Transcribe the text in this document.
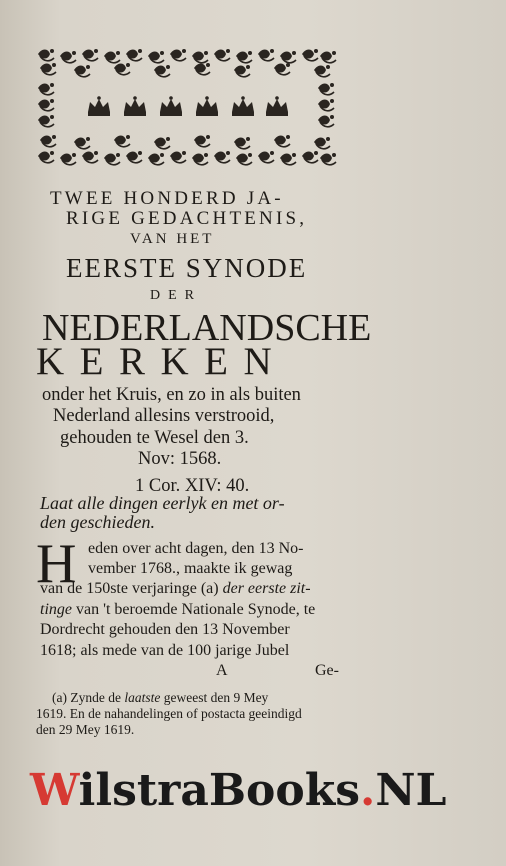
TWEE HONDERD JA-
RIGE GEDACHTENIS,
VAN HET
EERSTE SYNODE
DER
NEDERLANDSCHE
KERKEN
onder het Kruis, en zo in als buiten
Nederland allesins verstrooid,
gehouden te Wesel den 3.
Nov: 1568.
1 Cor. XIV: 40.
Laat alle dingen eerlyk en met or-
den geschieden.
H eden over acht dagen, den 13 No-
vember 1768., maakte ik gewag
van de 150ste verjaringe (a) der eerste zit-
tinge van 't beroemde Nationale Synode, te
Dordrecht gehouden den 13 November
1618; als mede van de 100 jarige Jubel
A	Ge-
(a) Zynde de laatste geweest den 9 Mey
1619. En de nahandelingen of postacta geeindigd
den 29 Mey 1619.
WilstraBooks.NL
